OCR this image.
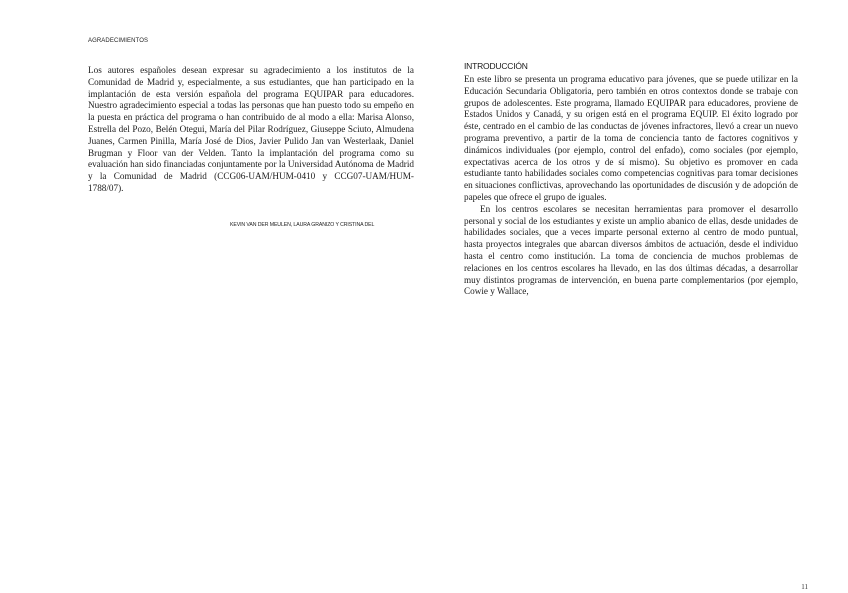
AGRADECIMIENTOS

Los autores españoles desean expresar su agradecimiento a los institutos de la Comunidad de Madrid y, especialmente, a sus estudiantes, que han participado en la implantación de esta versión española del programa EQUIPAR para educadores. Nuestro agradecimiento especial a todas las personas que han puesto todo su empeño en la puesta en práctica del programa o han contribuido de al modo a ella: Marisa Alonso, Estrella del Pozo, Belén Otegui, María del Pilar Rodríguez, Giuseppe Sciuto, Almudena Juanes, Carmen Pinilla, María José de Dios, Javier Pulido Jan van Westerlaak, Daniel Brugman y Floor van der Velden. Tanto la implantación del programa como su evaluación han sido financiadas conjuntamente por la Universidad Autónoma de Madrid y la Comunidad de Madrid (CCG06-UAM/HUM-0410 y CCG07-UAM/HUM-1788/07).

KEVIN VAN DER MEULEN, LAURA GRANIZO Y CRISTINA DEL
INTRODUCCIÓN

En este libro se presenta un programa educativo para jóvenes, que se puede utilizar en la Educación Secundaria Obligatoria, pero también en otros contextos donde se trabaje con grupos de adolescentes. Este programa, llamado EQUIPAR para educadores, proviene de Estados Unidos y Canadá, y su origen está en el programa EQUIP. El éxito logrado por éste, centrado en el cambio de las conductas de jóvenes infractores, llevó a crear un nuevo programa preventivo, a partir de la toma de conciencia tanto de factores cognitivos y dinámicos individuales (por ejemplo, control del enfado), como sociales (por ejemplo, expectativas acerca de los otros y de sí mismo). Su objetivo es promover en cada estudiante tanto habilidades sociales como competencias cognitivas para tomar decisiones en situaciones conflictivas, aprovechando las oportunidades de discusión y de adopción de papeles que ofrece el grupo de iguales.

En los centros escolares se necesitan herramientas para promover el desarrollo personal y social de los estudiantes y existe un amplio abanico de ellas, desde unidades de habilidades sociales, que a veces imparte personal externo al centro de modo puntual, hasta proyectos integrales que abarcan diversos ámbitos de actuación, desde el individuo hasta el centro como institución. La toma de conciencia de muchos problemas de relaciones en los centros escolares ha llevado, en las dos últimas décadas, a desarrollar muy distintos programas de intervención, en buena parte complementarios (por ejemplo, Cowie y Wallace,

11
